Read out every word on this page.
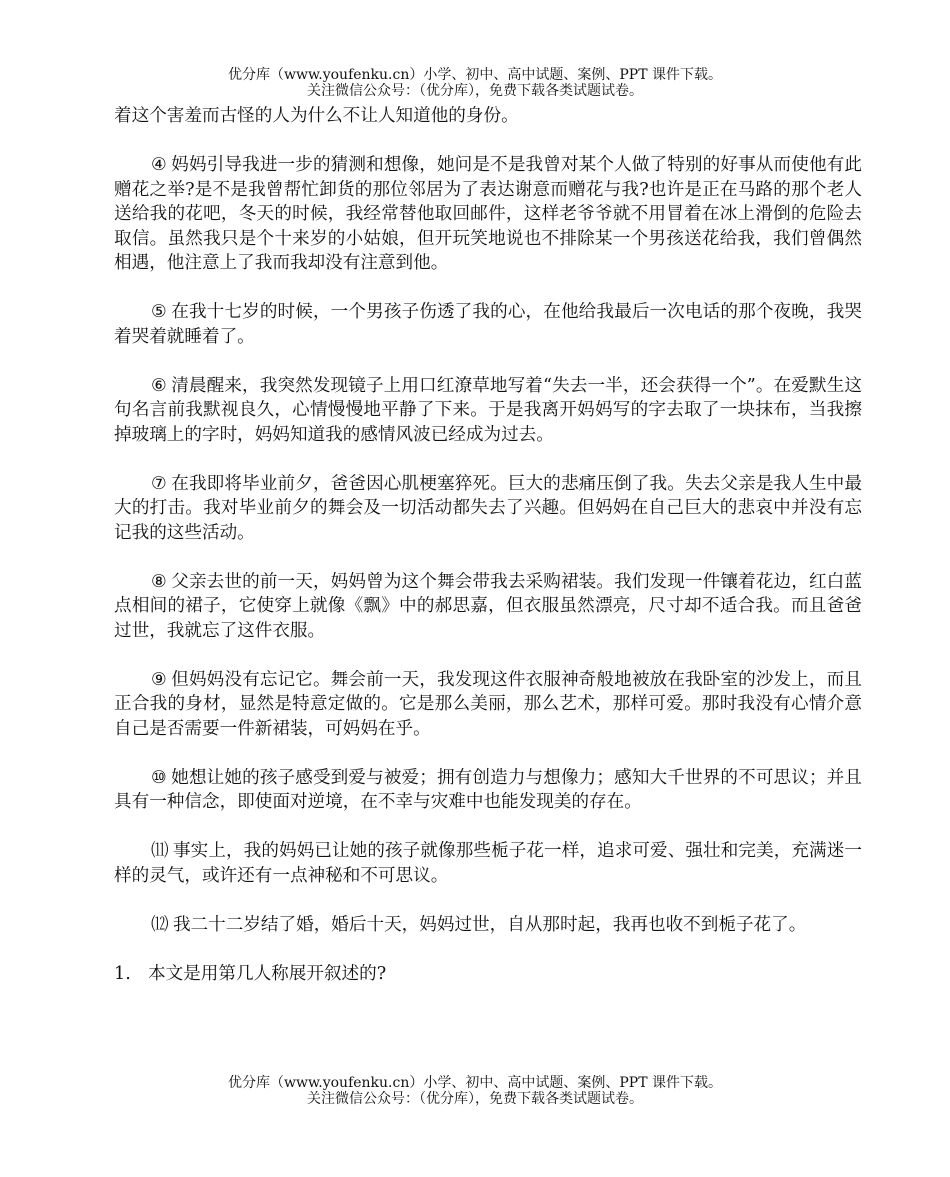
优分库（www.youfenku.cn）小学、初中、高中试题、案例、PPT 课件下载。
关注微信公众号：（优分库），免费下载各类试题试卷。

着这个害羞而古怪的人为什么不让人知道他的身份。

④ 妈妈引导我进一步的猜测和想像，她问是不是我曾对某个人做了特别的好事从而使他有此赠花之举?是不是我曾帮忙卸货的那位邻居为了表达谢意而赠花与我?也许是正在马路的那个老人送给我的花吧，冬天的时候，我经常替他取回邮件，这样老爷爷就不用冒着在冰上滑倒的危险去取信。虽然我只是个十来岁的小姑娘，但开玩笑地说也不排除某一个男孩送花给我，我们曾偶然相遇，他注意上了我而我却没有注意到他。

⑤ 在我十七岁的时候，一个男孩子伤透了我的心，在他给我最后一次电话的那个夜晚，我哭着哭着就睡着了。

⑥ 清晨醒来，我突然发现镜子上用口红潦草地写着“失去一半，还会获得一个”。在爱默生这句名言前我默视良久，心情慢慢地平静了下来。于是我离开妈妈写的字去取了一块抹布，当我擦掉玻璃上的字时，妈妈知道我的感情风波已经成为过去。

⑦ 在我即将毕业前夕，爸爸因心肌梗塞猝死。巨大的悲痛压倒了我。失去父亲是我人生中最大的打击。我对毕业前夕的舞会及一切活动都失去了兴趣。但妈妈在自己巨大的悲哀中并没有忘记我的这些活动。

⑧ 父亲去世的前一天，妈妈曾为这个舞会带我去采购裙装。我们发现一件镶着花边，红白蓝点相间的裙子，它使穿上就像《飘》中的郝思嘉，但衣服虽然漂亮，尺寸却不适合我。而且爸爸过世，我就忘了这件衣服。

⑨ 但妈妈没有忘记它。舞会前一天，我发现这件衣服神奇般地被放在我卧室的沙发上，而且正合我的身材，显然是特意定做的。它是那么美丽，那么艺术，那样可爱。那时我没有心情介意自己是否需要一件新裙装，可妈妈在乎。

⑩ 她想让她的孩子感受到爱与被爱；拥有创造力与想像力；感知大千世界的不可思议；并且具有一种信念，即使面对逆境，在不幸与灾难中也能发现美的存在。

⑾ 事实上，我的妈妈已让她的孩子就像那些栀子花一样，追求可爱、强壮和完美，充满迷一样的灵气，或许还有一点神秘和不可思议。

⑿ 我二十二岁结了婚，婚后十天，妈妈过世，自从那时起，我再也收不到栀子花了。

1. 本文是用第几人称展开叙述的?

优分库（www.youfenku.cn）小学、初中、高中试题、案例、PPT 课件下载。
关注微信公众号：（优分库），免费下载各类试题试卷。
